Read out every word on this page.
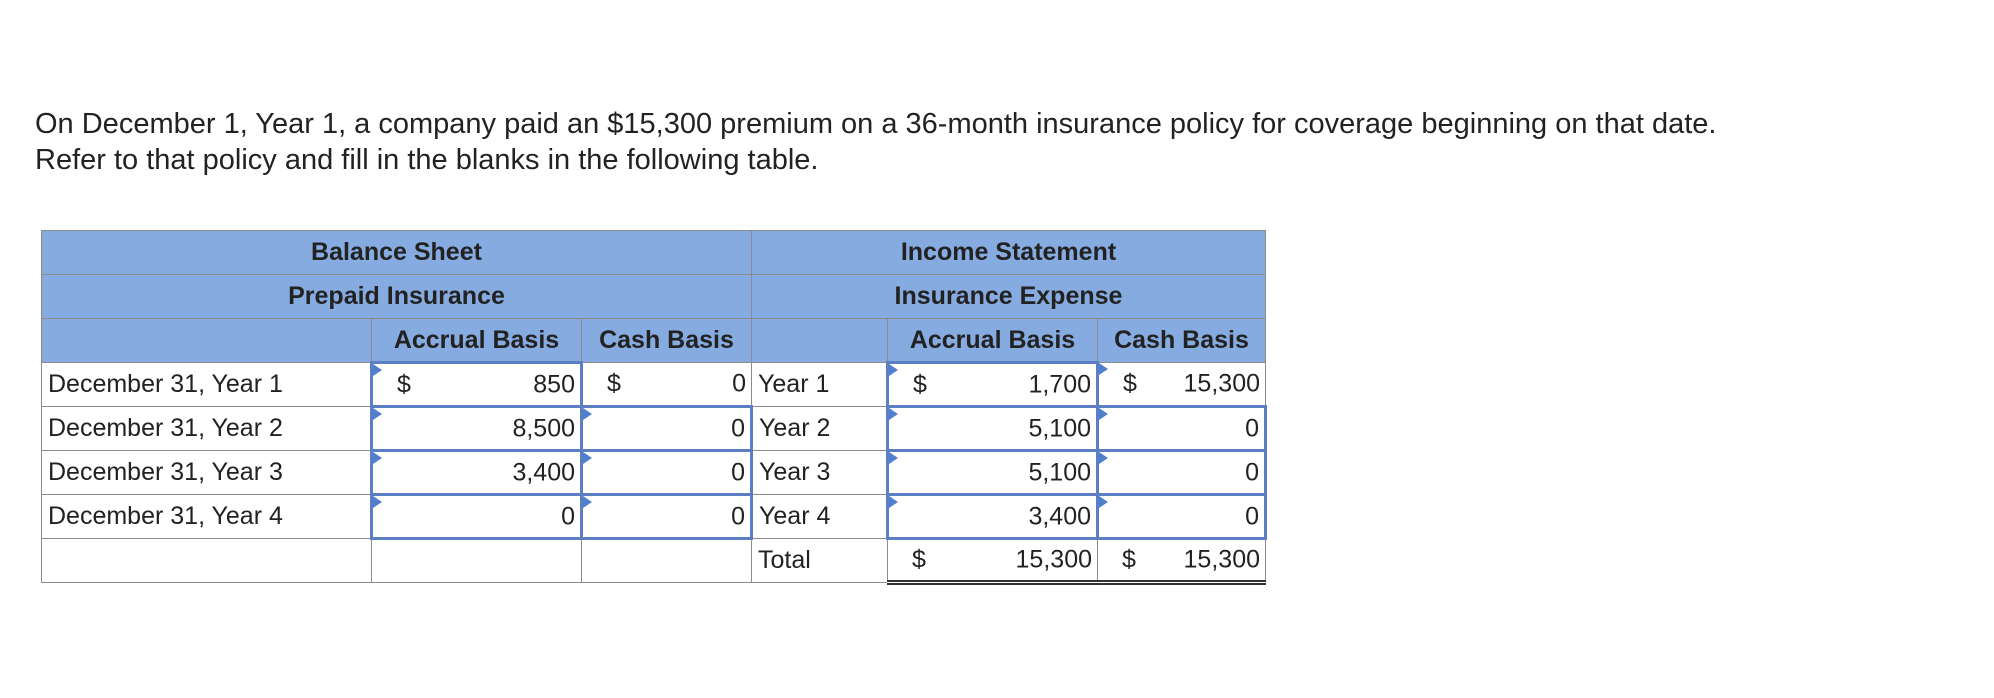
On December 1, Year 1, a company paid an $15,300 premium on a 36-month insurance policy for coverage beginning on that date.

Refer to that policy and fill in the blanks in the following table.

Balance Sheet			Income Statement		
Prepaid Insurance			Insurance Expense		
	Accrual Basis	Cash Basis		Accrual Basis	Cash Basis
December 31, Year 1	$ 850	$ 0	Year 1	$ 1,700	$ 15,300

December 31, Year 2	8,500	0	Year 2	5,100	0

December 31, Year 3	3,400	0	Year 3	5,100	0

December 31, Year 4	0	0	Year 4	3,400	0

			Total	$ 15,300	$ 15,300
